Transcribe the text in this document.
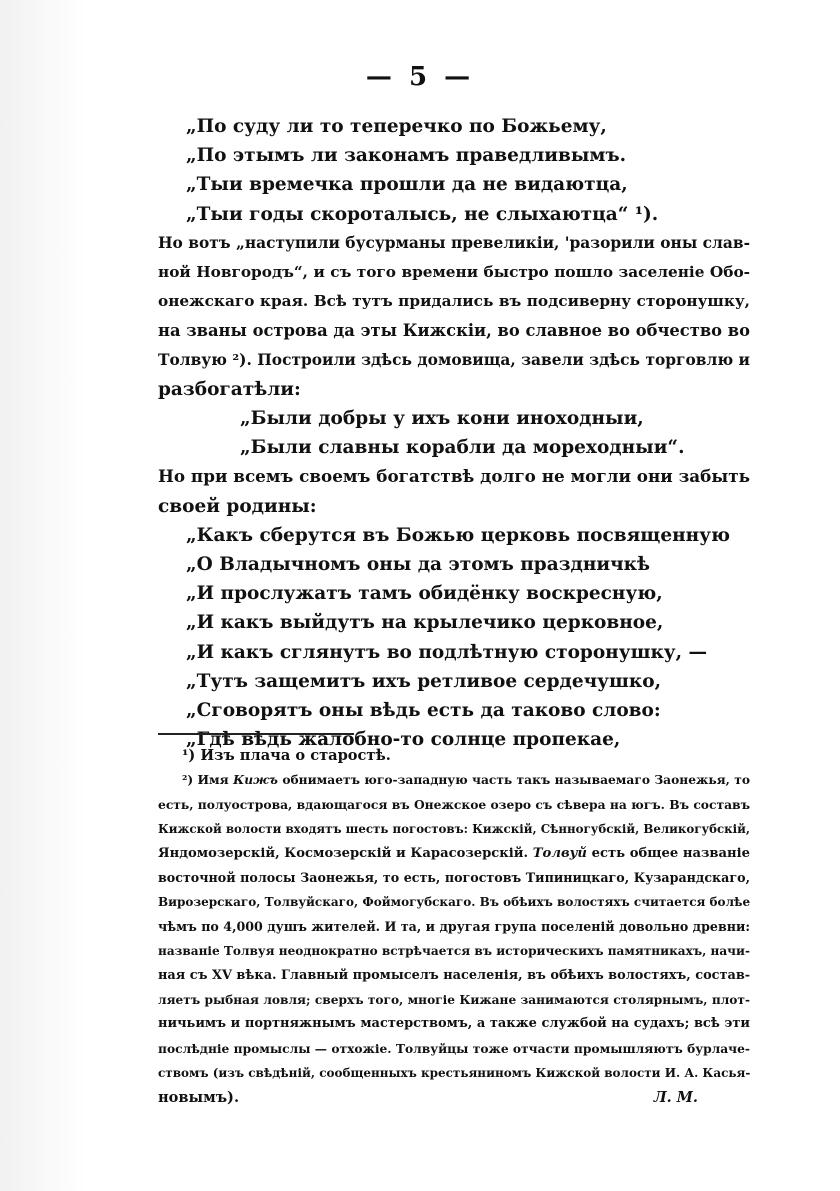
— 5 —
„По суду ли то теперечко по Божьему,
„По этымъ ли законамъ праведливымъ.
„Тыи времечка прошли да не видаютца,
„Тыи годы скороталысь, не слыхаютца“ ¹).
Но вотъ „наступили бусурманы превеликіи, 'разорили оны слав-
ной Новгородъ“, и съ того времени быстро пошло заселеніе Обо-
онежскаго края. Всѣ тутъ придались въ подсиверну сторонушку,
на званы острова да эты Кижскіи, во славное во обчество во
Толвую ²). Построили здѣсь домовища, завели здѣсь торговлю и
разбогатѣли:
„Были добры у ихъ кони иноходныи,
„Были славны корабли да мореходныи“.
Но при всемъ своемъ богатствѣ долго не могли они забыть
своей родины:
„Какъ сберутся въ Божью церковь посвященную
„О Владычномъ оны да этомъ праздничкѣ
„И прослужатъ тамъ обидёнку воскресную,
„И какъ выйдутъ на крылечико церковное,
„И какъ сглянутъ во подлѣтную сторонушку, —
„Тутъ защемитъ ихъ ретливое сердечушко,
„Сговорятъ оны вѣдь есть да таково слово:
„Гдѣ вѣдь жалобно-то солнце пропекае,
¹) Изъ плача о старостѣ.
²) Имя Кижъ обнимаетъ юго-западную часть такъ называемаго Заонежья, то
есть, полуострова, вдающагося въ Онежское озеро съ сѣвера на югъ. Въ составъ
Кижской волости входятъ шесть погостовъ: Кижскій, Сѣнногубскій, Великогубскій,
Яндомозерскій, Космозерскій и Карасозерскій. Толвуй есть общее названіе
восточной полосы Заонежья, то есть, погостовъ Типиницкаго, Кузарандскаго,
Вирозерскаго, Толвуйскаго, Фоймогубскаго. Въ обѣихъ волостяхъ считается болѣе
чѣмъ по 4,000 душъ жителей. И та, и другая група поселеній довольно древни:
названіе Толвуя неоднократно встрѣчается въ историческихъ памятникахъ, начи-
ная съ XV вѣка. Главный промыселъ населенія, въ обѣихъ волостяхъ, состав-
ляетъ рыбная ловля; сверхъ того, многіе Кижане занимаются столярнымъ, плот-
ничьимъ и портняжнымъ мастерствомъ, а также службой на судахъ; всѣ эти
послѣдніе промыслы — отхожіе. Толвуйцы тоже отчасти промышляютъ бурлаче-
ствомъ (изъ свѣдѣній, сообщенныхъ крестьяниномъ Кижской волости И. А. Касья-
новымъ).	Л. М.
